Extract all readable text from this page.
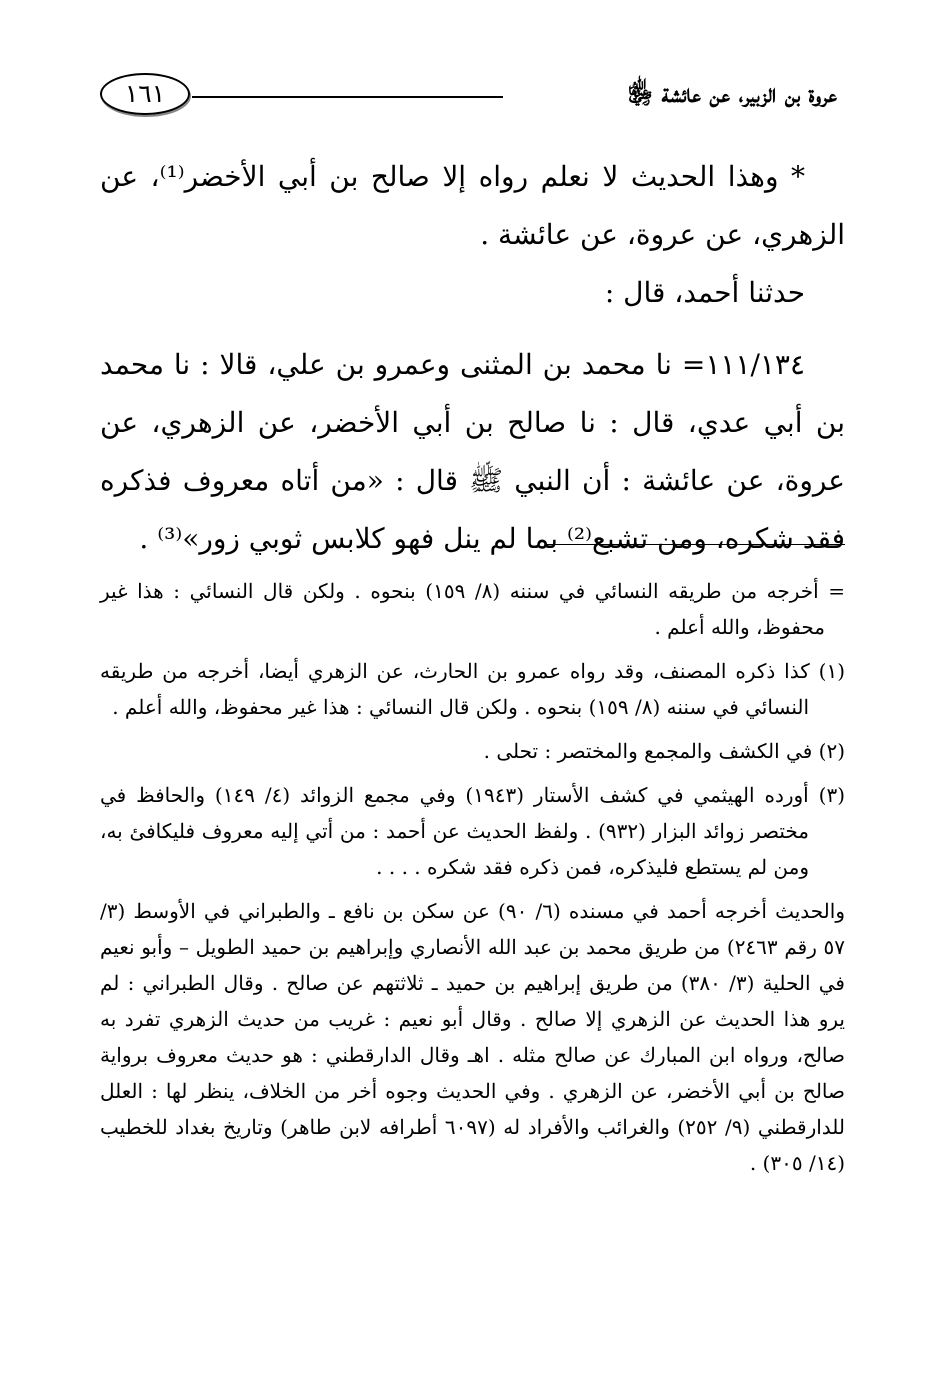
عروة بن الزبير، عن عائشة ﵂
١٦١

* وهذا الحديث لا نعلم رواه إلا صالح بن أبي الأخضر⁽¹⁾، عن الزهري، عن عروة، عن عائشة .

حدثنا أحمد، قال :

١١١/١٣٤= نا محمد بن المثنى وعمرو بن علي، قالا : نا محمد بن أبي عدي، قال : نا صالح بن أبي الأخضر، عن الزهري، عن عروة، عن عائشة : أن النبي ﷺ قال : «من أتاه معروف فذكره فقد شكره، ومن تشبع⁽²⁾ بما لم ينل فهو كلابس ثوبي زور»⁽³⁾ .

= أخرجه من طريقه النسائي في سننه (٨/ ١٥٩) بنحوه . ولكن قال النسائي : هذا غير محفوظ، والله أعلم .

(١) كذا ذكره المصنف، وقد رواه عمرو بن الحارث، عن الزهري أيضا، أخرجه من طريقه النسائي في سننه (٨/ ١٥٩) بنحوه . ولكن قال النسائي : هذا غير محفوظ، والله أعلم .

(٢) في الكشف والمجمع والمختصر : تحلى .

(٣) أورده الهيثمي في كشف الأستار (١٩٤٣) وفي مجمع الزوائد (٤/ ١٤٩) والحافظ في مختصر زوائد البزار (٩٣٢) . ولفظ الحديث عن أحمد : من أتي إليه معروف فليكافئ به، ومن لم يستطع فليذكره، فمن ذكره فقد شكره . . . .

والحديث أخرجه أحمد في مسنده (٦/ ٩٠) عن سكن بن نافع ـ والطبراني في الأوسط (٣/ ٥٧ رقم ٢٤٦٣) من طريق محمد بن عبد الله الأنصاري وإبراهيم بن حميد الطويل – وأبو نعيم في الحلية (٣/ ٣٨٠) من طريق إبراهيم بن حميد ـ ثلاثتهم عن صالح . وقال الطبراني : لم يرو هذا الحديث عن الزهري إلا صالح . وقال أبو نعيم : غريب من حديث الزهري تفرد به صالح، ورواه ابن المبارك عن صالح مثله . اهـ وقال الدارقطني : هو حديث معروف برواية صالح بن أبي الأخضر، عن الزهري . وفي الحديث وجوه أخر من الخلاف، ينظر لها : العلل للدارقطني (٩/ ٢٥٢) والغرائب والأفراد له (٦٠٩٧ أطرافه لابن طاهر) وتاريخ بغداد للخطيب (١٤/ ٣٠٥) .
